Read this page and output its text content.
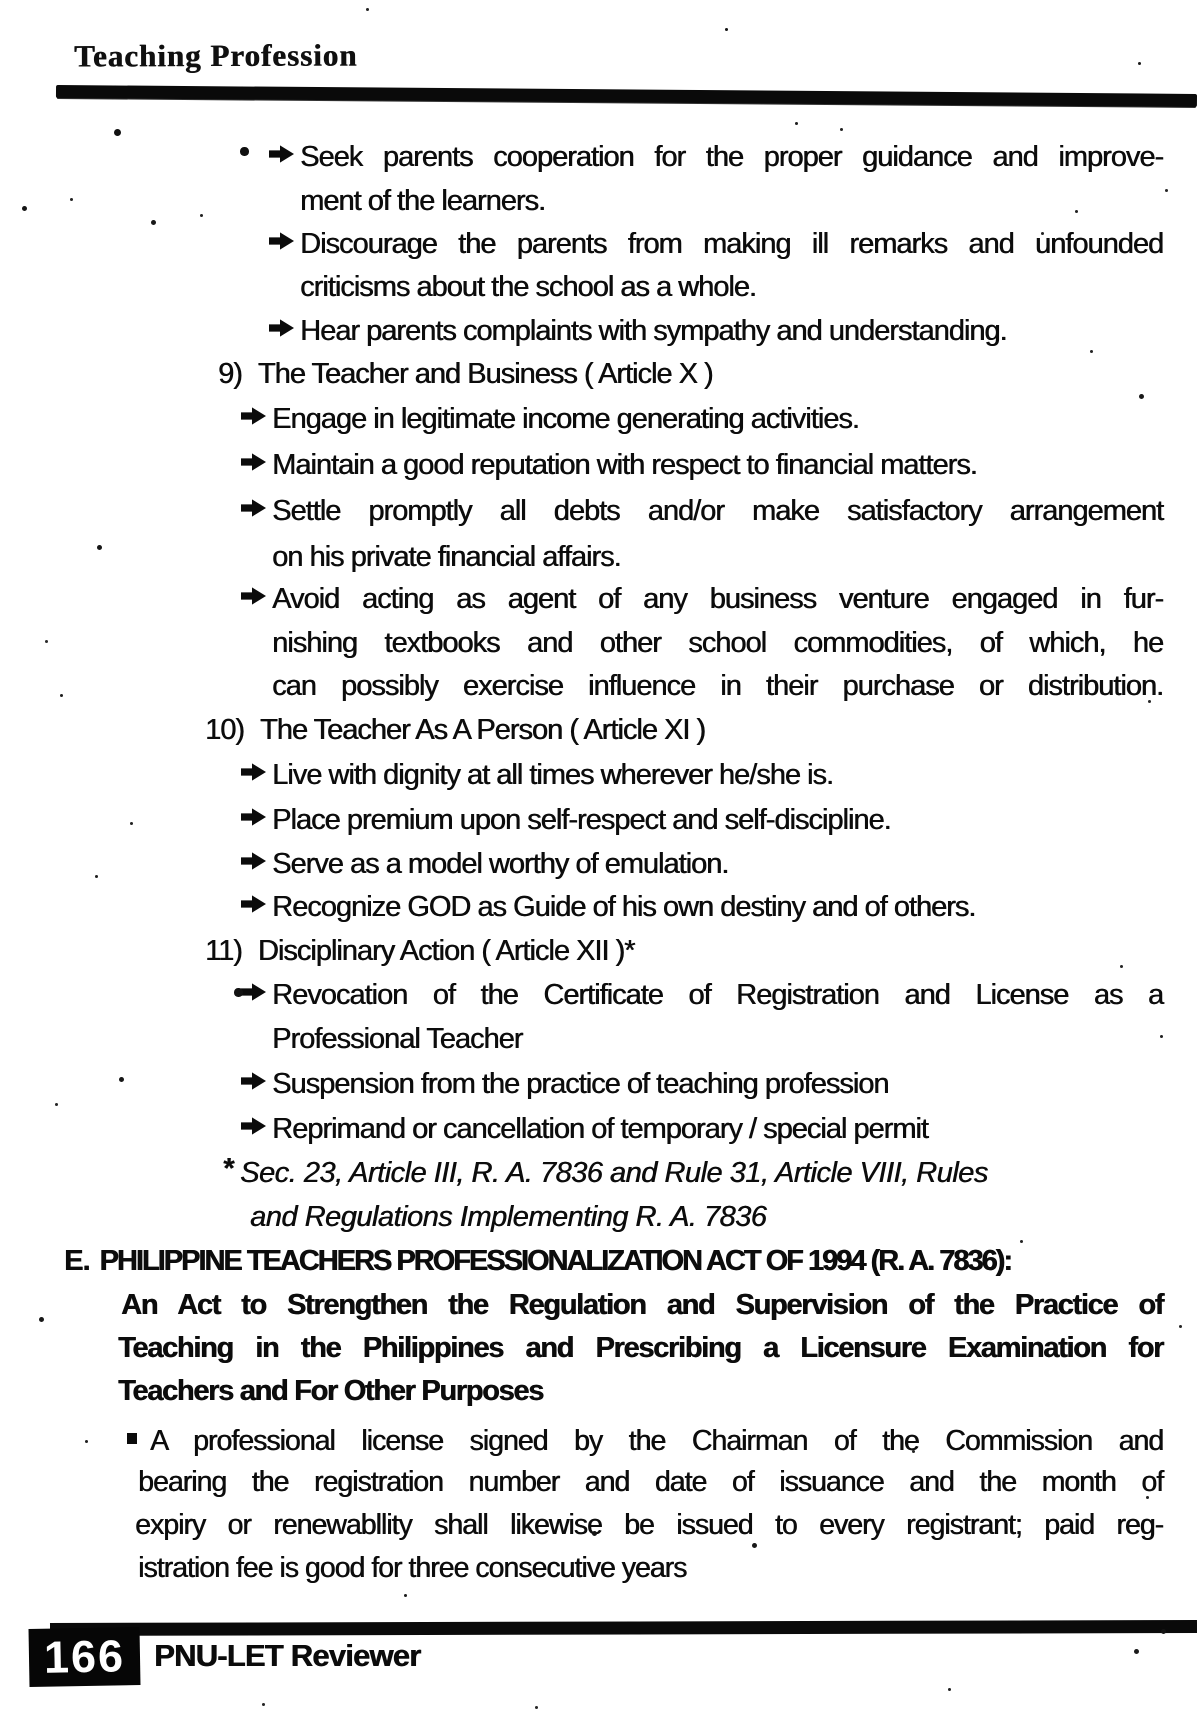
Teaching Profession
Seek parents cooperation for the proper guidance and improve-
ment of the learners.
Discourage the parents from making ill remarks and unfounded
criticisms about the school as a whole.
Hear parents complaints with sympathy and understanding.
9) The Teacher and Business ( Article X )
Engage in legitimate income generating activities.
Maintain a good reputation with respect to financial matters.
Settle promptly all debts and/or make satisfactory arrangement
on his private financial affairs.
Avoid acting as agent of any business venture engaged in fur-
nishing textbooks and other school commodities, of which, he
can possibly exercise influence in their purchase or distribution.
10) The Teacher As A Person ( Article XI )
Live with dignity at all times wherever he/she is.
Place premium upon self-respect and self-discipline.
Serve as a model worthy of emulation.
Recognize GOD as Guide of his own destiny and of others.
11) Disciplinary Action ( Article XII )*
Revocation of the Certificate of Registration and License as a
Professional Teacher
Suspension from the practice of teaching profession
Reprimand or cancellation of temporary / special permit
* Sec. 23, Article III, R. A. 7836 and Rule 31, Article VIII, Rules
and Regulations Implementing R. A. 7836
E. PHILIPPINE TEACHERS PROFESSIONALIZATION ACT OF 1994 (R. A. 7836):
An Act to Strengthen the Regulation and Supervision of the Practice of
Teaching in the Philippines and Prescribing a Licensure Examination for
Teachers and For Other Purposes
A professional license signed by the Chairman of the Commission and
bearing the registration number and date of issuance and the month of
expiry or renewabllity shall likewise be issued to every registrant; paid reg-
istration fee is good for three consecutive years
166 PNU-LET Reviewer
